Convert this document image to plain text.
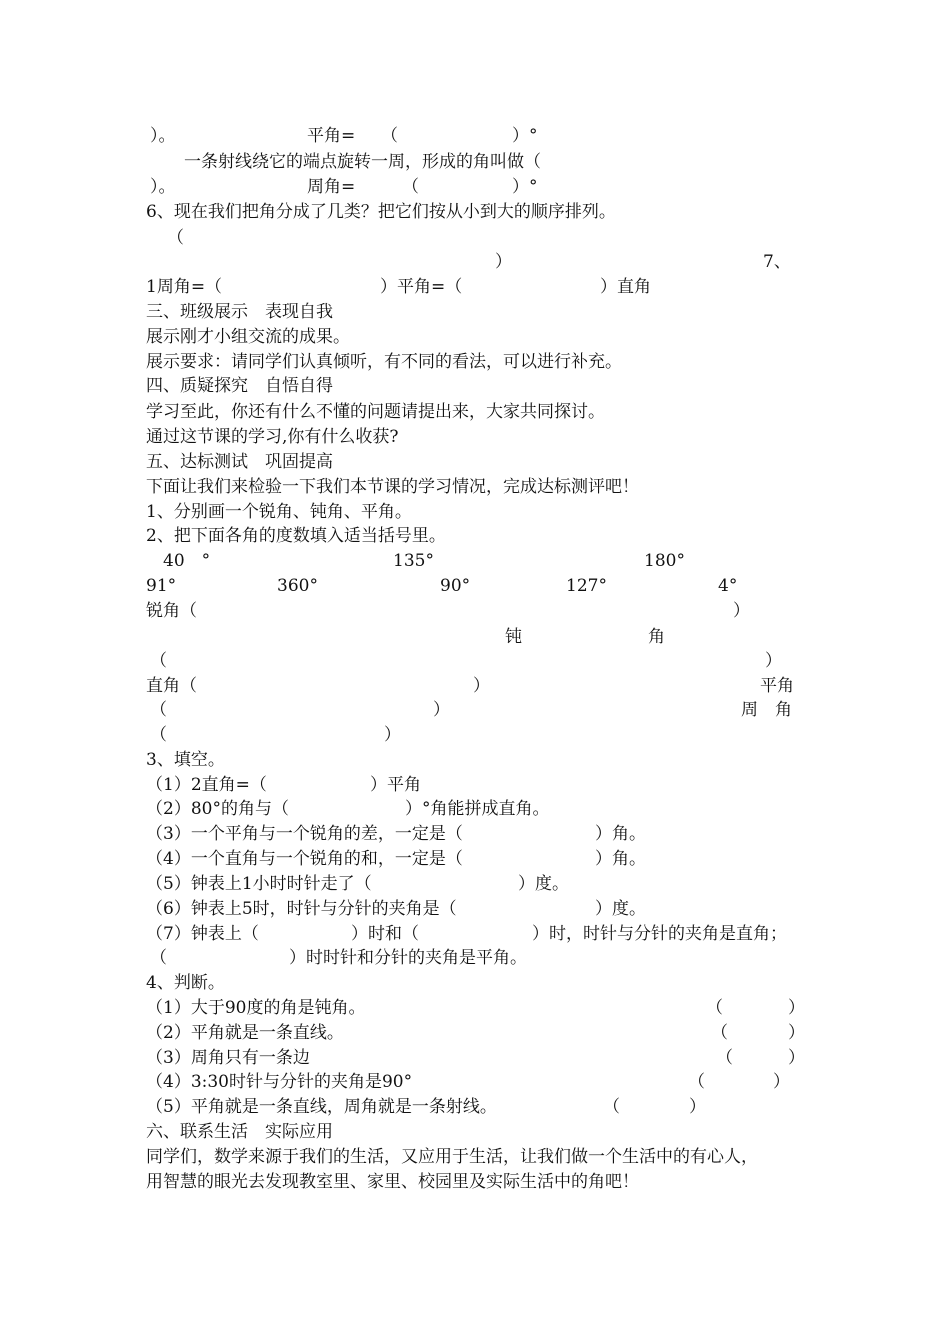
）。	平角= （	）°

一条射线绕它的端点旋转一周，形成的角叫做（

）。	周角=	（	）°

6、现在我们把角分成了几类？把它们按从小到大的顺序排列。

（

）	7、

1周角=（	）平角=（	）直角

三、班级展示　表现自我

展示刚才小组交流的成果。

展示要求：请同学们认真倾听，有不同的看法，可以进行补充。

四、质疑探究　自悟自得

学习至此，你还有什么不懂的问题请提出来，大家共同探讨。

通过这节课的学习,你有什么收获?

五、达标测试　巩固提高

下面让我们来检验一下我们本节课的学习情况，完成达标测评吧！

1、分别画一个锐角、钝角、平角。

2、把下面各角的度数填入适当括号里。

40　°	135°	180°

91°	360°	90°	127°	4°

锐角（	）

钝	角

（	）

直角（	）	平角

（	）	周　角

（	）

3、填空。

（1）2直角=（	）平角

（2）80°的角与（	）°角能拼成直角。

（3）一个平角与一个锐角的差，一定是（	）角。

（4）一个直角与一个锐角的和，一定是（	）角。

（5）钟表上1小时时针走了（	）度。

（6）钟表上5时，时针与分针的夹角是（	）度。

（7）钟表上（	）时和（	）时，时针与分针的夹角是直角；

（	）时时针和分针的夹角是平角。

4、判断。

（1）大于90度的角是钝角。	（	）

（2）平角就是一条直线。	（	）

（3）周角只有一条边	（	）

（4）3:30时针与分针的夹角是90°	（	）

（5）平角就是一条直线，周角就是一条射线。	（	）

六、联系生活　实际应用

同学们，数学来源于我们的生活，又应用于生活，让我们做一个生活中的有心人，

用智慧的眼光去发现教室里、家里、校园里及实际生活中的角吧！
